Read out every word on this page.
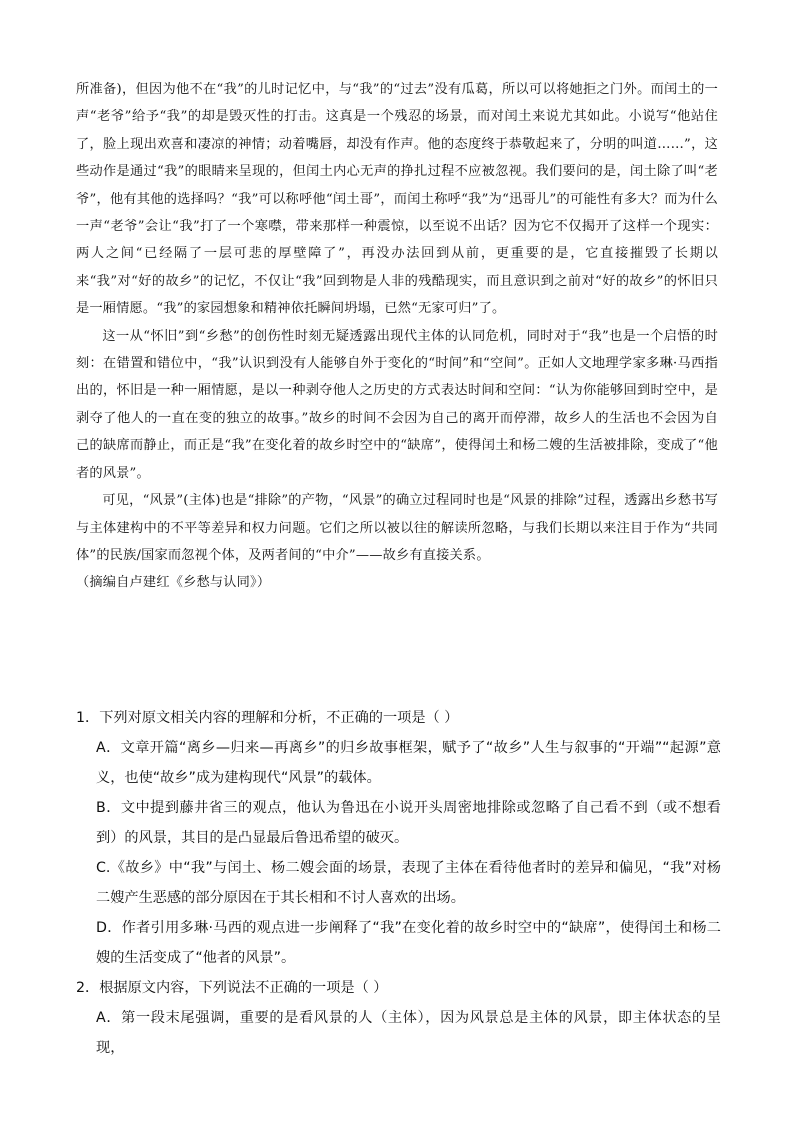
所准备)，但因为他不在“我”的儿时记忆中，与“我”的“过去”没有瓜葛，所以可以将她拒之门外。而闰土的一声“老爷”给予“我”的却是毁灭性的打击。这真是一个残忍的场景，而对闰土来说尤其如此。小说写“他站住了，脸上现出欢喜和凄凉的神情；动着嘴唇，却没有作声。他的态度终于恭敬起来了，分明的叫道……”，这些动作是通过“我”的眼睛来呈现的，但闰土内心无声的挣扎过程不应被忽视。我们要问的是，闰土除了叫“老爷”，他有其他的选择吗？“我”可以称呼他“闰土哥”，而闰土称呼“我”为“迅哥儿”的可能性有多大？而为什么一声“老爷”会让“我”打了一个寒噤，带来那样一种震惊，以至说不出话？因为它不仅揭开了这样一个现实：两人之间“已经隔了一层可悲的厚壁障了”，再没办法回到从前，更重要的是，它直接摧毁了长期以来“我”对“好的故乡”的记忆，不仅让“我”回到物是人非的残酷现实，而且意识到之前对“好的故乡”的怀旧只是一厢情愿。“我”的家园想象和精神依托瞬间坍塌，已然“无家可归”了。

这一从“怀旧”到“乡愁”的创伤性时刻无疑透露出现代主体的认同危机，同时对于“我”也是一个启悟的时刻：在错置和错位中，“我”认识到没有人能够自外于变化的“时间”和“空间”。正如人文地理学家多琳·马西指出的，怀旧是一种一厢情愿，是以一种剥夺他人之历史的方式表达时间和空间：“认为你能够回到时空中，是剥夺了他人的一直在变的独立的故事。”故乡的时间不会因为自己的离开而停滞，故乡人的生活也不会因为自己的缺席而静止，而正是“我”在变化着的故乡时空中的“缺席”，使得闰土和杨二嫂的生活被排除，变成了“他者的风景”。

可见，“风景”(主体)也是“排除”的产物，“风景”的确立过程同时也是“风景的排除”过程，透露出乡愁书写与主体建构中的不平等差异和权力问题。它们之所以被以往的解读所忽略，与我们长期以来注目于作为“共同体”的民族/国家而忽视个体，及两者间的“中介”——故乡有直接关系。

（摘编自卢建红《乡愁与认同》）

1．下列对原文相关内容的理解和分析，不正确的一项是（ ）

A．文章开篇“离乡—归来—再离乡”的归乡故事框架，赋予了“故乡”人生与叙事的“开端”“起源”意义，也使“故乡”成为建构现代“风景”的载体。

B．文中提到藤井省三的观点，他认为鲁迅在小说开头周密地排除或忽略了自己看不到（或不想看到）的风景，其目的是凸显最后鲁迅希望的破灭。

C.《故乡》中“我”与闰土、杨二嫂会面的场景，表现了主体在看待他者时的差异和偏见，“我”对杨二嫂产生恶感的部分原因在于其长相和不讨人喜欢的出场。

D．作者引用多琳·马西的观点进一步阐释了“我”在变化着的故乡时空中的“缺席”，使得闰土和杨二嫂的生活变成了“他者的风景”。

2．根据原文内容，下列说法不正确的一项是（ ）

A．第一段末尾强调，重要的是看风景的人（主体），因为风景总是主体的风景，即主体状态的呈现，
